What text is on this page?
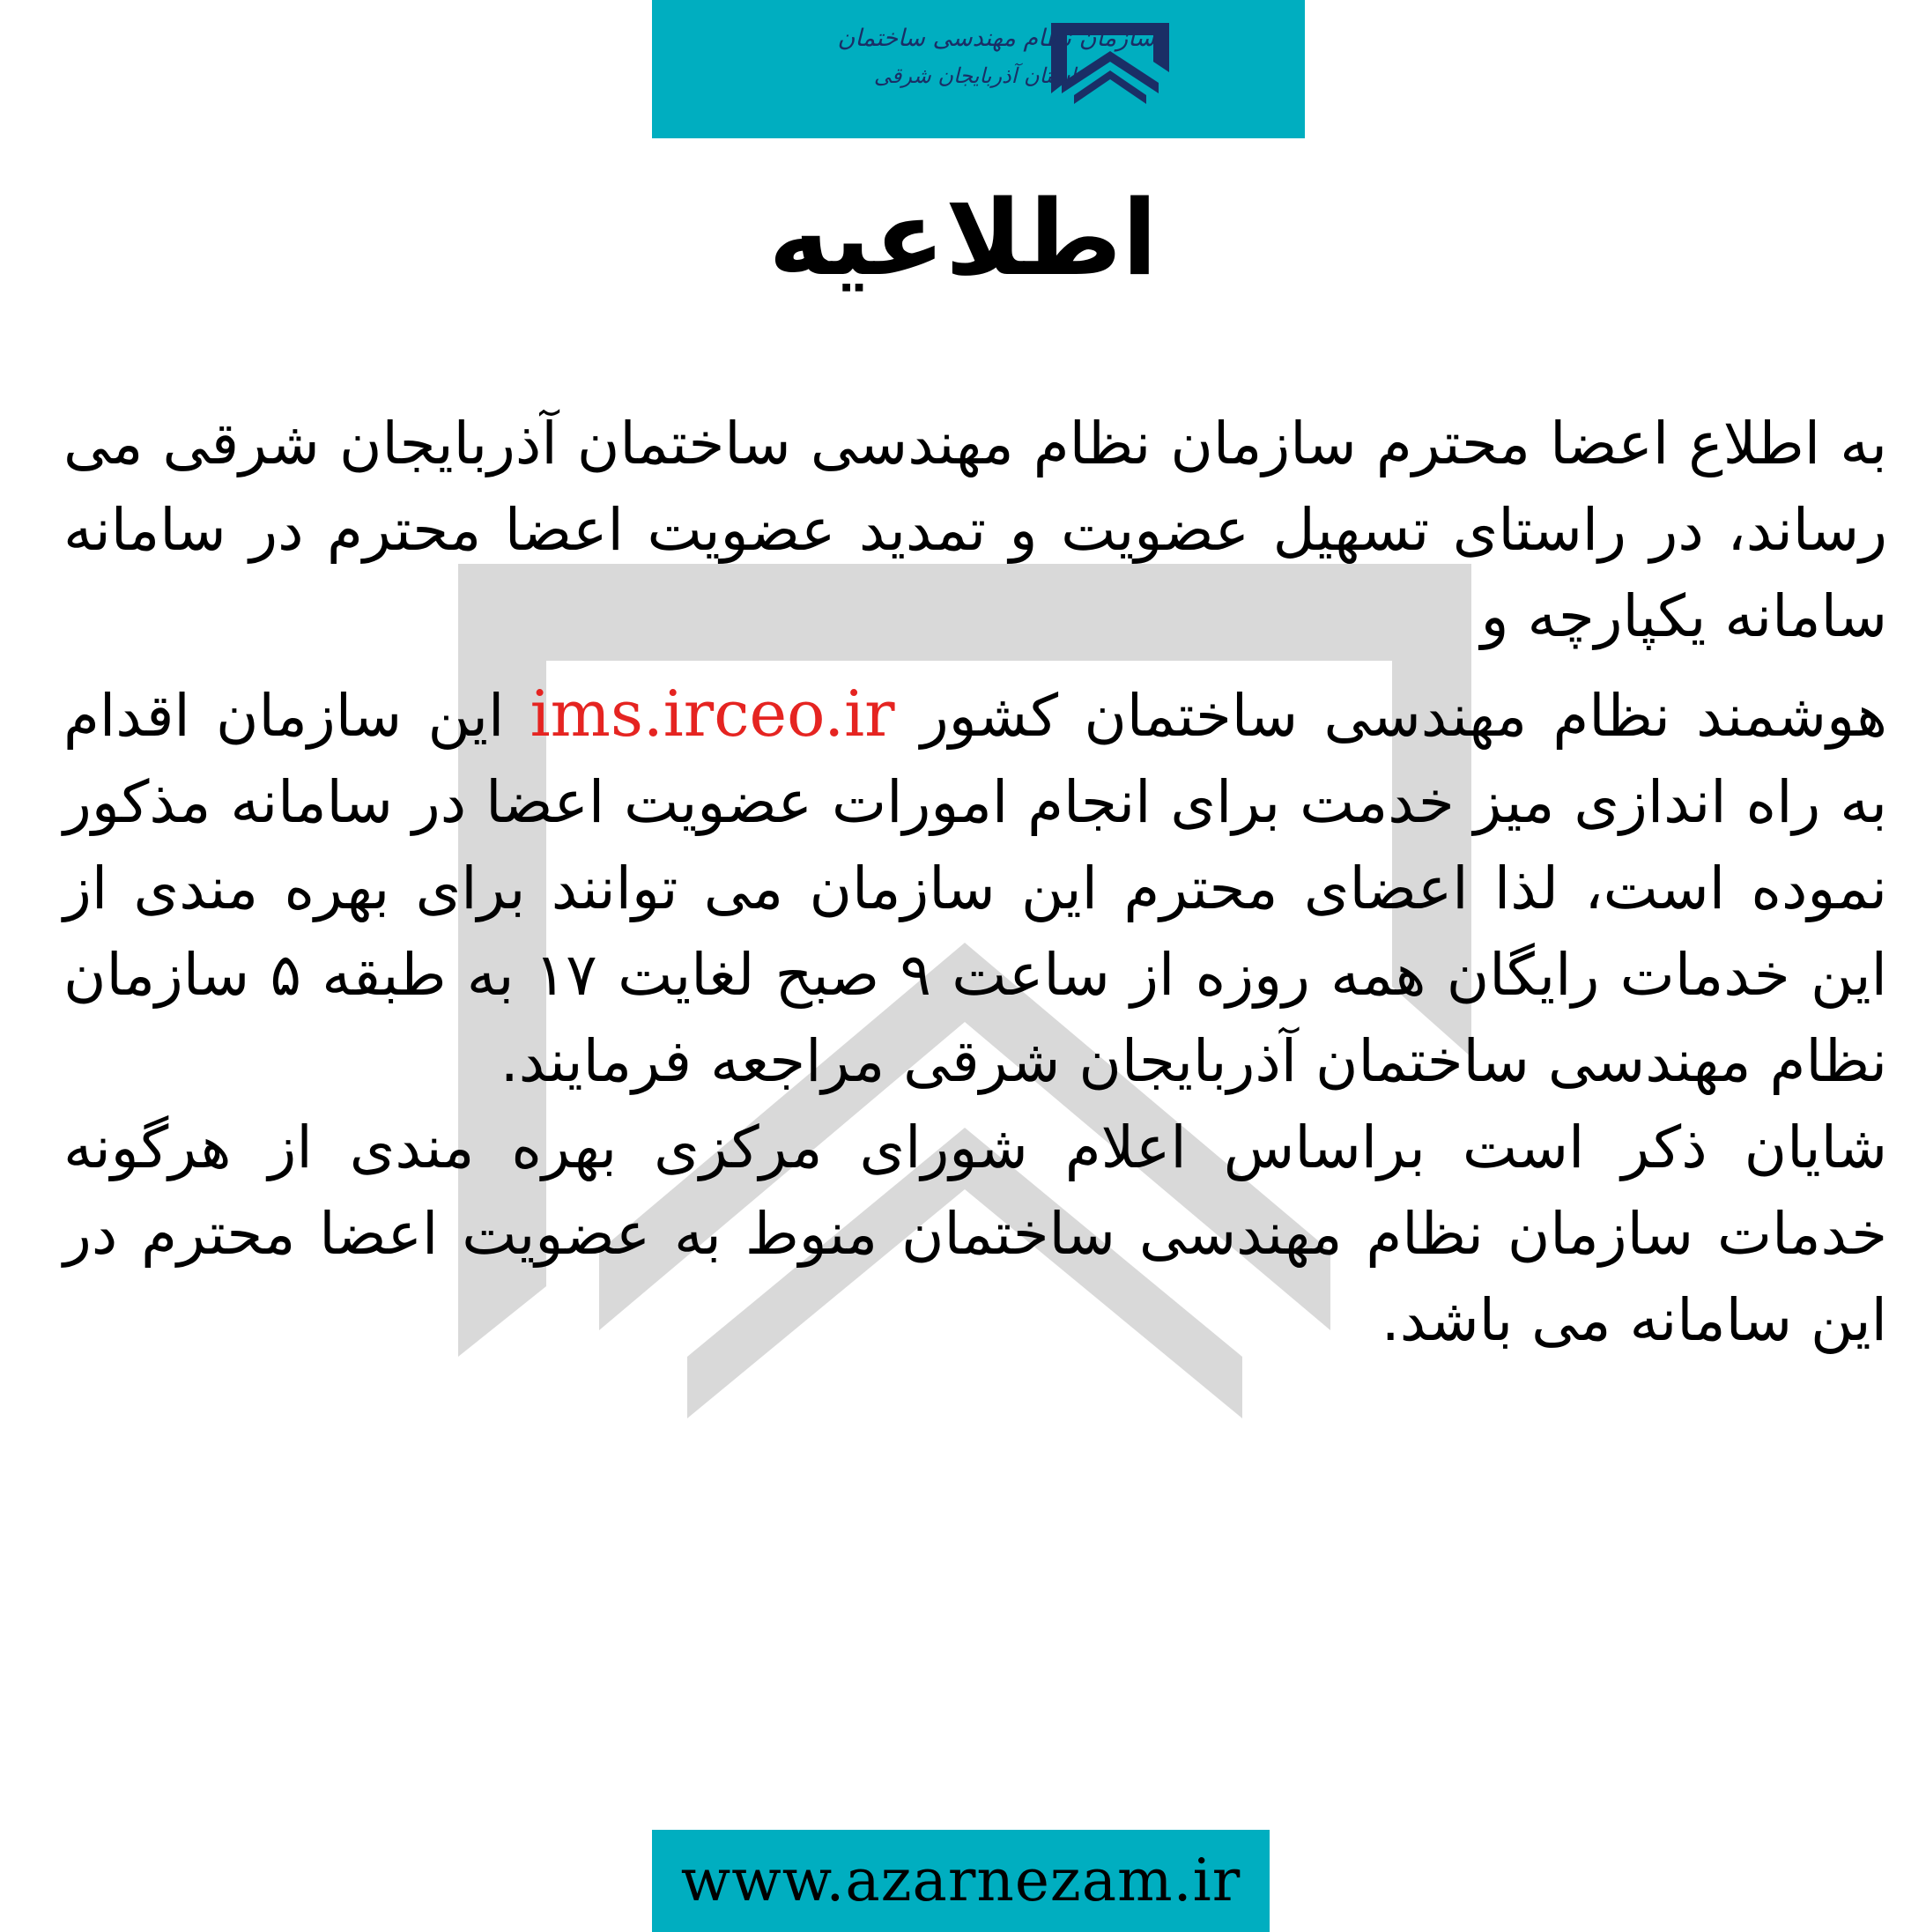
سازمان نظام مهندسی ساختمان
استان آذربایجان شرقی
اطلاعیه

به اطلاع اعضا محترم سازمان نظام مهندسی ساختمان آذربایجان شرقی می رساند، در راستای تسهیل عضویت و تمدید عضویت اعضا محترم در سامانه سامانه یکپارچه و

هوشمند نظام مهندسی ساختمان کشور ims.irceo.ir این سازمان اقدام به راه اندازی میز خدمت برای انجام امورات عضویت اعضا در سامانه مذکور نموده است، لذا اعضای محترم این سازمان می توانند برای بهره مندی از این خدمات رایگان همه روزه از ساعت ۹ صبح لغایت ۱۷ به طبقه ۵ سازمان نظام مهندسی ساختمان آذربایجان شرقی مراجعه فرمایند.

شایان ذکر است براساس اعلام شورای مرکزی بهره مندی از هرگونه خدمات سازمان نظام مهندسی ساختمان منوط به عضویت اعضا محترم در این سامانه می باشد.

www.azarnezam.ir
